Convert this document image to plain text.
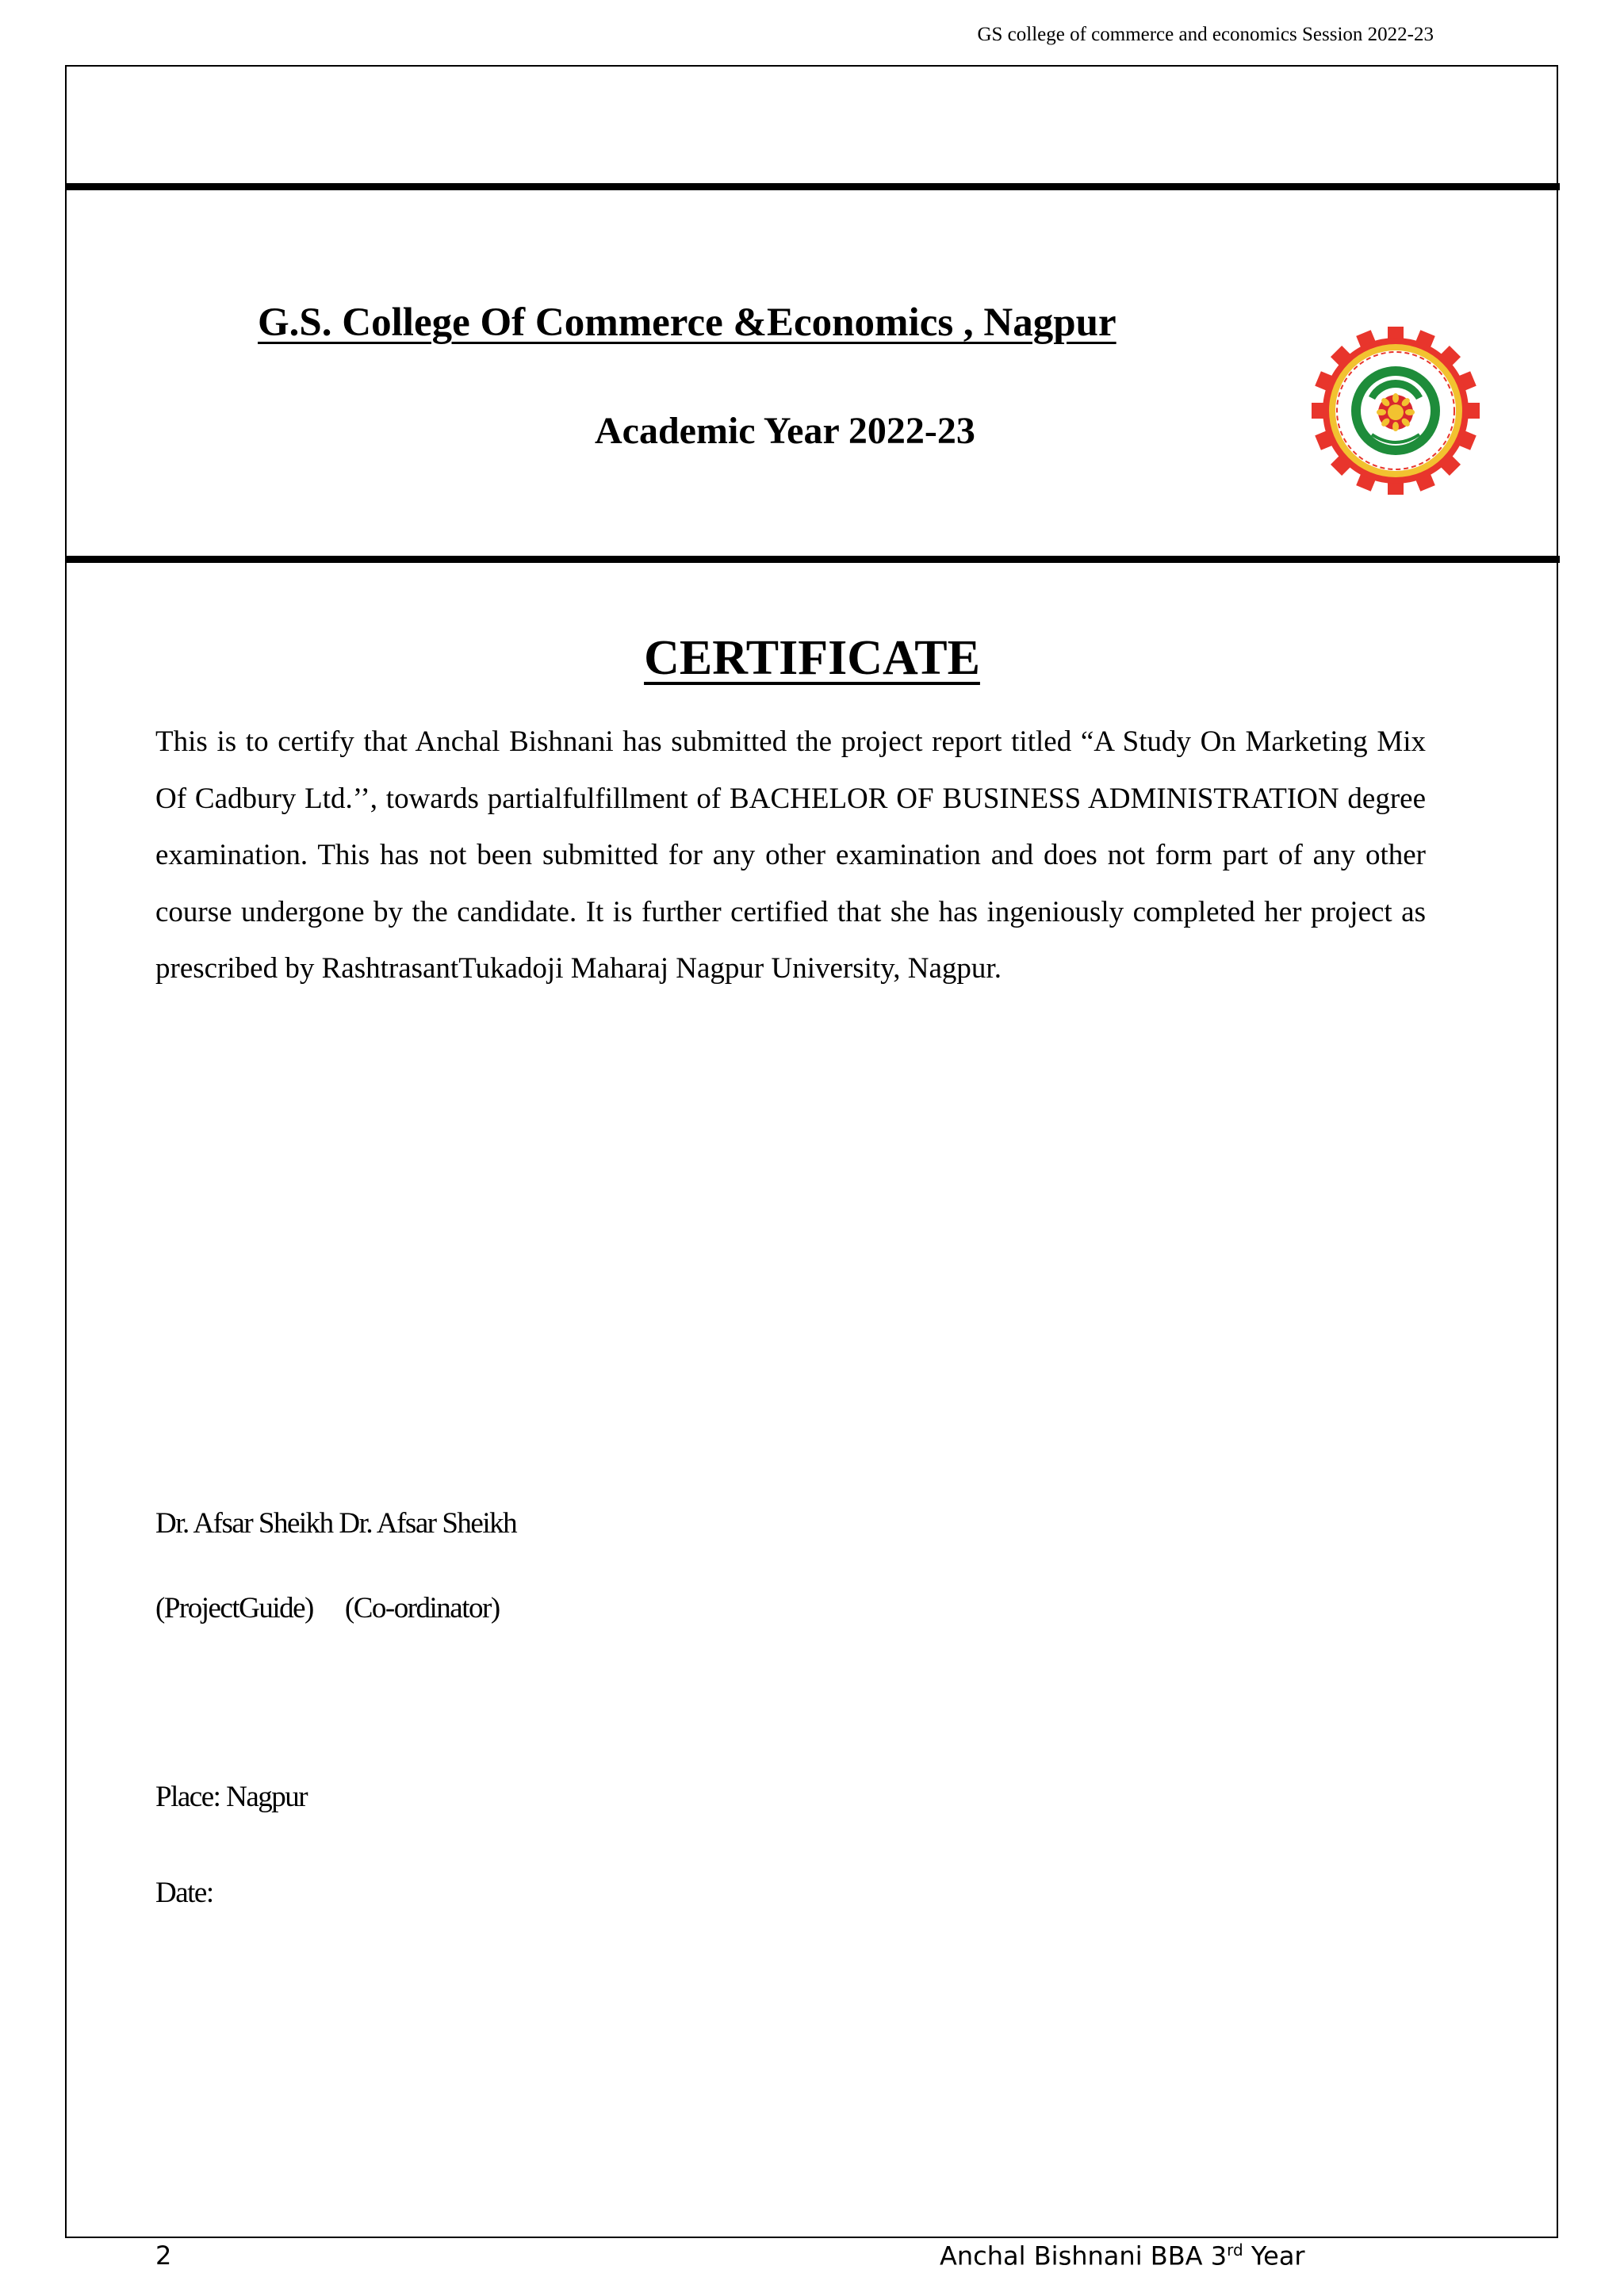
GS college of commerce and economics Session 2022-23
G.S. College Of Commerce &Economics , Nagpur
Academic Year 2022-23
CERTIFICATE

This is to certify that Anchal Bishnani has submitted the project report titled “A Study On Marketing Mix Of Cadbury Ltd.’’, towards partialfulfillment of BACHELOR OF BUSINESS ADMINISTRATION degree examination. This has not been submitted for any other examination and does not form part of any other course undergone by the candidate. It is further certified that she has ingeniously completed her project as prescribed by RashtrasantTukadoji Maharaj Nagpur University, Nagpur.

Dr. Afsar Sheikh Dr. Afsar Sheikh
(ProjectGuide) (Co-ordinator)
Place: Nagpur
Date:
2	Anchal Bishnani BBA 3rd Year
